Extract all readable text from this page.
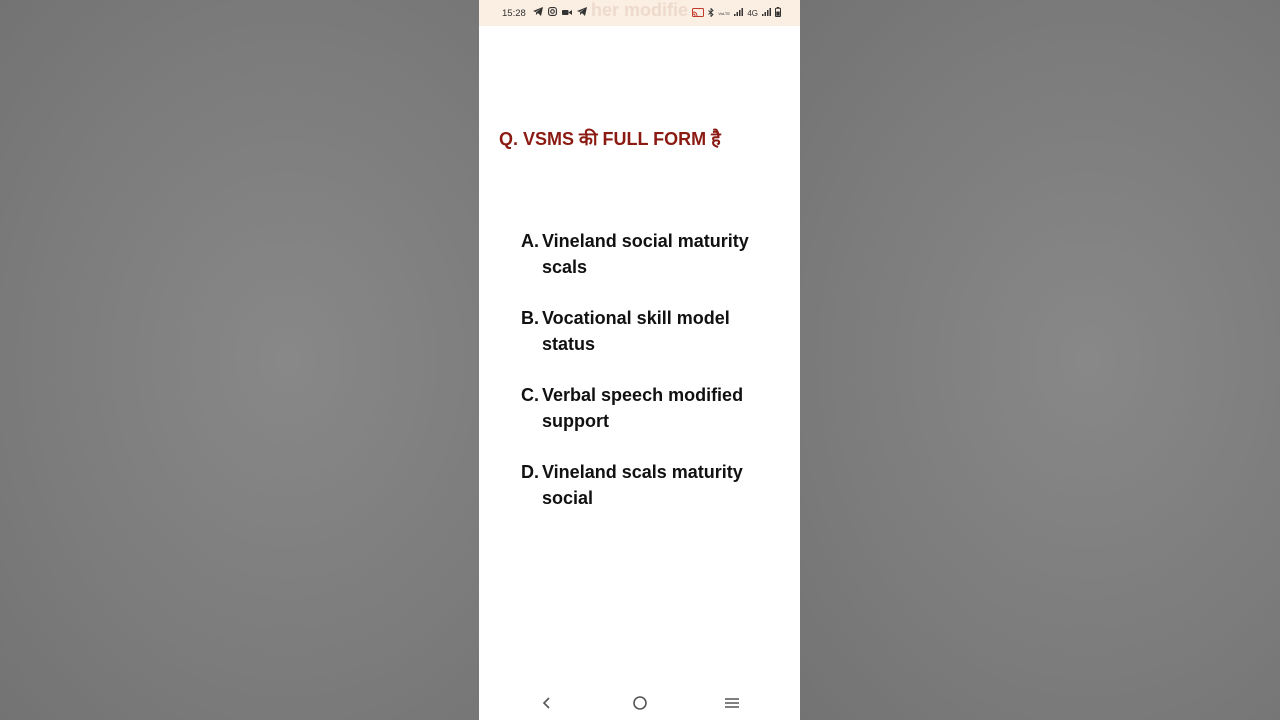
her modifie
15:28	VoLTE 4G
Q. VSMS की FULL FORM है
A. Vineland social maturity scals
B. Vocational skill model status
C. Verbal speech modified support
D. Vineland scals maturity social
